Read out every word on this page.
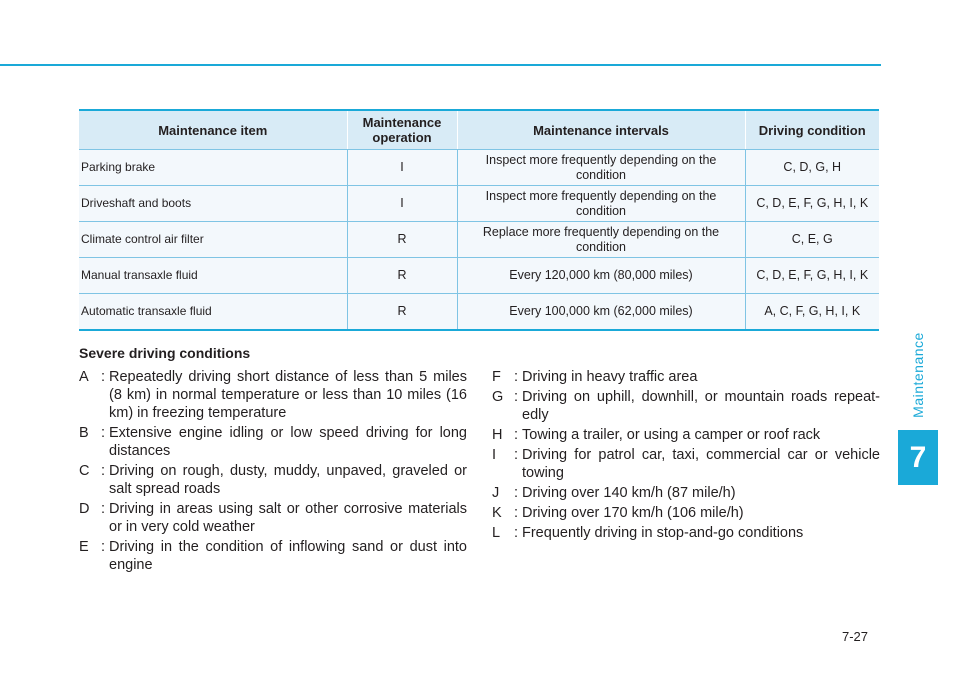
Maintenance
7
Maintenance item	Maintenance operation	Maintenance intervals	Driving condition
Parking brake	I	Inspect more frequently depending on the condition	C, D, G, H
Driveshaft and boots	I	Inspect more frequently depending on the condition	C, D, E, F, G, H, I, K
Climate control air filter	R	Replace more frequently depending on the condition	C, E, G
Manual transaxle fluid	R	Every 120,000 km (80,000 miles)	C, D, E, F, G, H, I, K
Automatic transaxle fluid	R	Every 100,000 km (62,000 miles)	A, C, F, G, H, I, K
Severe driving conditions
A : Repeatedly driving short distance of less than 5 miles (8 km) in normal temperature or less than 10 miles (16 km) in freezing temperature
B : Extensive engine idling or low speed driving for long distances
C : Driving on rough, dusty, muddy, unpaved, graveled or salt spread roads
D : Driving in areas using salt or other corrosive materials or in very cold weather
E : Driving in the condition of inflowing sand or dust into engine
F : Driving in heavy traffic area
G : Driving on uphill, downhill, or mountain roads repeat-edly
H : Towing a trailer, or using a camper or roof rack
I	: Driving for patrol car, taxi, commercial car or vehicle towing
J	: Driving over 140 km/h (87 mile/h)
K : Driving over 170 km/h (106 mile/h)
L : Frequently driving in stop-and-go conditions
7-27
